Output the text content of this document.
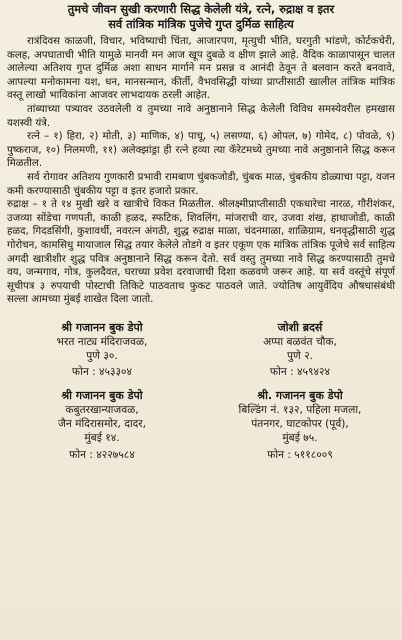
तुमचे जीवन सुखी करणारी सिद्ध केलेली यंत्रे, रत्ने, रुद्राक्ष व इतर

सर्व तांत्रिक मांत्रिक पुजेचे गुप्त दुर्मिळ साहित्य

रात्रंदिवस काळजी, विचार, भविष्याची चिंता, आजारपण, मृत्युची भीति, घरगुती भांडणे, कोर्टकचेरी, कलह, अपघाताची भीति यामुळे मानवी मन आज खूप दुबळे व क्षीण झाले आहे. वैदिक काळापासून चालत आलेल्या अतिशय गुप्त दुर्मिळ अशा साधन मार्गाने मन प्रसन्न व आनंदी ठेवून ते बलवान करते बनवावे, आपल्या मनोकामना यश, धन, मानसन्मान, कीर्ती, वैभवसिद्धी यांच्या प्राप्तीसाठी खालील तांत्रिक मांत्रिक वस्तू लाखो भाविकांना आजवर लाभदायक ठरली आहेत.

तांब्याच्या पत्र्यावर उठवलेली व तुमच्या नावे अनुष्ठानाने सिद्ध केलेली विविध समस्येवरील हमखास यशस्वी यंत्रे.

रत्ने – १) हिरा, २) मोती, ३) माणिक, ४) पाचू, ५) लसण्या, ६) ओपल, ७) गोमेद, ८) पोवळे, ९) पुष्कराज, १०) निलमणी, ११) अलेक्झांड्रा ही रत्ने हव्या त्या कॅरेटमध्ये तुमच्या नावे अनुष्ठानाने सिद्ध करून मिळतील.

सर्व रोगावर अतिशय गुणकारी प्रभावी रामबाण चुंबकजोडी, चुंबक माळ, चुंबकीय डोळ्याचा पट्टा, वजन कमी करण्यासाठी चुंबकीय पट्टा व इतर हजारो प्रकार.

रुद्राक्ष – १ ते १४ मुखी खरे व खात्रीचे विकत मिळतील. श्रीलक्ष्मीप्राप्तीसाठी एकधारेचा नारळ, गौरीशंकर, उजव्या सोंडेचा गणपती, काळी हळद, स्फटिक, शिवलिंग, मांजराची वार, उजवा शंख, हाथाजोडी, काळी हळद, गिदडसिंगी, कुशावर्थी, नवरत्न अंगठी, शुद्ध रुद्राक्ष माळा, चंदनमाळा, शाळिग्राम, धनवृद्धीसाठी शुद्ध गोरोचन, कामसिधु मायाजाल सिद्ध तयार केलेले तोडगे व इतर एकूण एक मांत्रिक तांत्रिक पूजेचे सर्व साहित्य अगदी खात्रीशीर शुद्ध पवित्र अनुष्ठानाने सिद्ध करून देतो. सर्व वस्तु तुमच्या नावे सिद्ध करण्यासाठी तुमचे वय, जन्मगाव, गोत्र, कुलदैवत, घराच्या प्रवेश दरवाजाची दिशा कळवणे जरूर आहे. या सर्व वस्तूंचे संपूर्ण सूचीपत्र ३ रुपयाची पोस्टाची तिकिटे पाठवताच फुकट पाठवले जाते. ज्योतिष आयुर्वेदिय औषधासंबंधी सल्ला आमच्या मुंबई शाखेत दिला जातो.

श्री गजानन बुक डेपो
भरत नाट्य मंदिराजवळ,
पुणे ३०.
फोन : ४५३३०४
जोशी ब्रदर्स
अप्पा बळवंत चौक,
पुणे २.
फोन : ४५९४२४
श्री गजानन बुक डेपो
कबुतरखान्याजवळ,
जैन मंदिरासमोर, दादर,
मुंबई १४.
फोन : ४२२७५८४
श्री. गजानन बुक डेपो
बिल्डिंग नं. १३२, पहिला मजला,
पंतनगर, घाटकोपर (पूर्व),
मुंबई ७५.
फोन : ५११८००९
